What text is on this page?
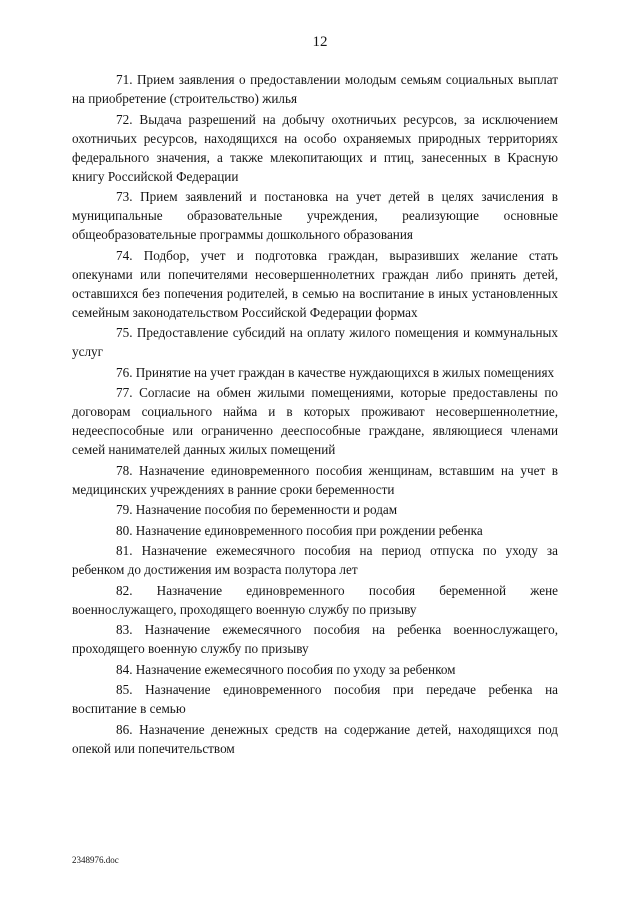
12

71. Прием заявления о предоставлении молодым семьям социальных выплат на приобретение (строительство) жилья

72. Выдача разрешений на добычу охотничьих ресурсов, за исключением охотничьих ресурсов, находящихся на особо охраняемых природных территориях федерального значения, а также млекопитающих и птиц, занесенных в Красную книгу Российской Федерации

73. Прием заявлений и постановка на учет детей в целях зачисления в муниципальные образовательные учреждения, реализующие основные общеобразовательные программы дошкольного образования

74. Подбор, учет и подготовка граждан, выразивших желание стать опекунами или попечителями несовершеннолетних граждан либо принять детей, оставшихся без попечения родителей, в семью на воспитание в иных установленных семейным законодательством Российской Федерации формах

75. Предоставление субсидий на оплату жилого помещения и коммунальных услуг

76. Принятие на учет граждан в качестве нуждающихся в жилых помещениях

77. Согласие на обмен жилыми помещениями, которые предоставлены по договорам социального найма и в которых проживают несовершеннолетние, недееспособные или ограниченно дееспособные граждане, являющиеся членами семей нанимателей данных жилых помещений

78. Назначение единовременного пособия женщинам, вставшим на учет в медицинских учреждениях в ранние сроки беременности

79. Назначение пособия по беременности и родам

80. Назначение единовременного пособия при рождении ребенка

81. Назначение ежемесячного пособия на период отпуска по уходу за ребенком до достижения им возраста полутора лет

82. Назначение единовременного пособия беременной жене военнослужащего, проходящего военную службу по призыву

83. Назначение ежемесячного пособия на ребенка военнослужащего, проходящего военную службу по призыву

84. Назначение ежемесячного пособия по уходу за ребенком

85. Назначение единовременного пособия при передаче ребенка на воспитание в семью

86. Назначение денежных средств на содержание детей, находящихся под опекой или попечительством

2348976.doc
